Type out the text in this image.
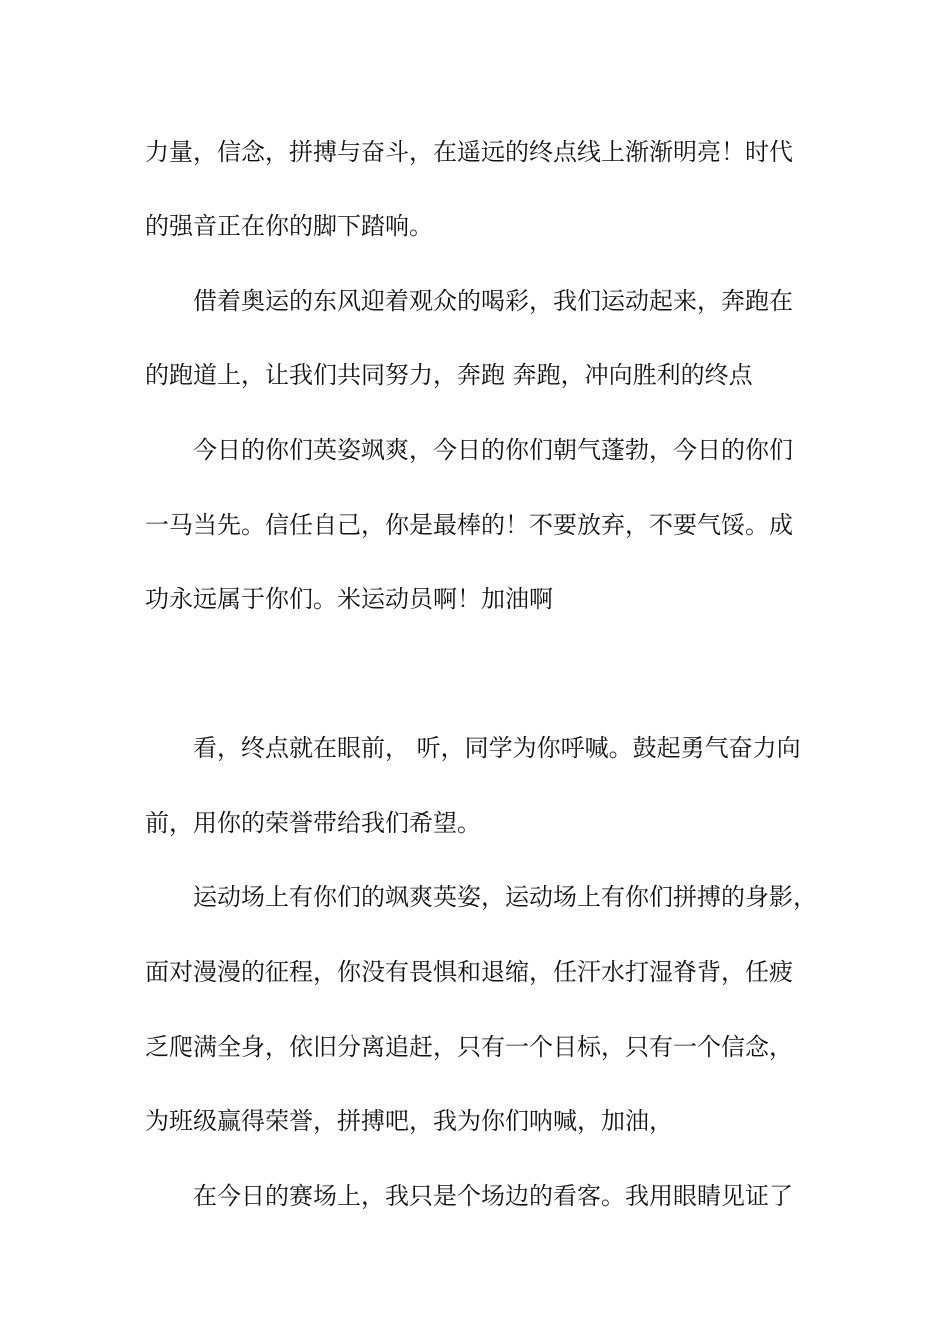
力量，信念，拼搏与奋斗，在遥远的终点线上渐渐明亮！时代
的强音正在你的脚下踏响。
借着奥运的东风迎着观众的喝彩，我们运动起来，奔跑在
的跑道上，让我们共同努力，奔跑 奔跑，冲向胜利的终点
今日的你们英姿飒爽，今日的你们朝气蓬勃，今日的你们
一马当先。信任自己，你是最棒的！不要放弃，不要气馁。成
功永远属于你们。米运动员啊！加油啊
看，终点就在眼前， 听，同学为你呼喊。鼓起勇气奋力向
前，用你的荣誉带给我们希望。
运动场上有你们的飒爽英姿，运动场上有你们拼搏的身影，
面对漫漫的征程，你没有畏惧和退缩，任汗水打湿脊背，任疲
乏爬满全身，依旧分离追赶，只有一个目标，只有一个信念，
为班级赢得荣誉，拼搏吧，我为你们呐喊，加油，
在今日的赛场上，我只是个场边的看客。我用眼睛见证了
